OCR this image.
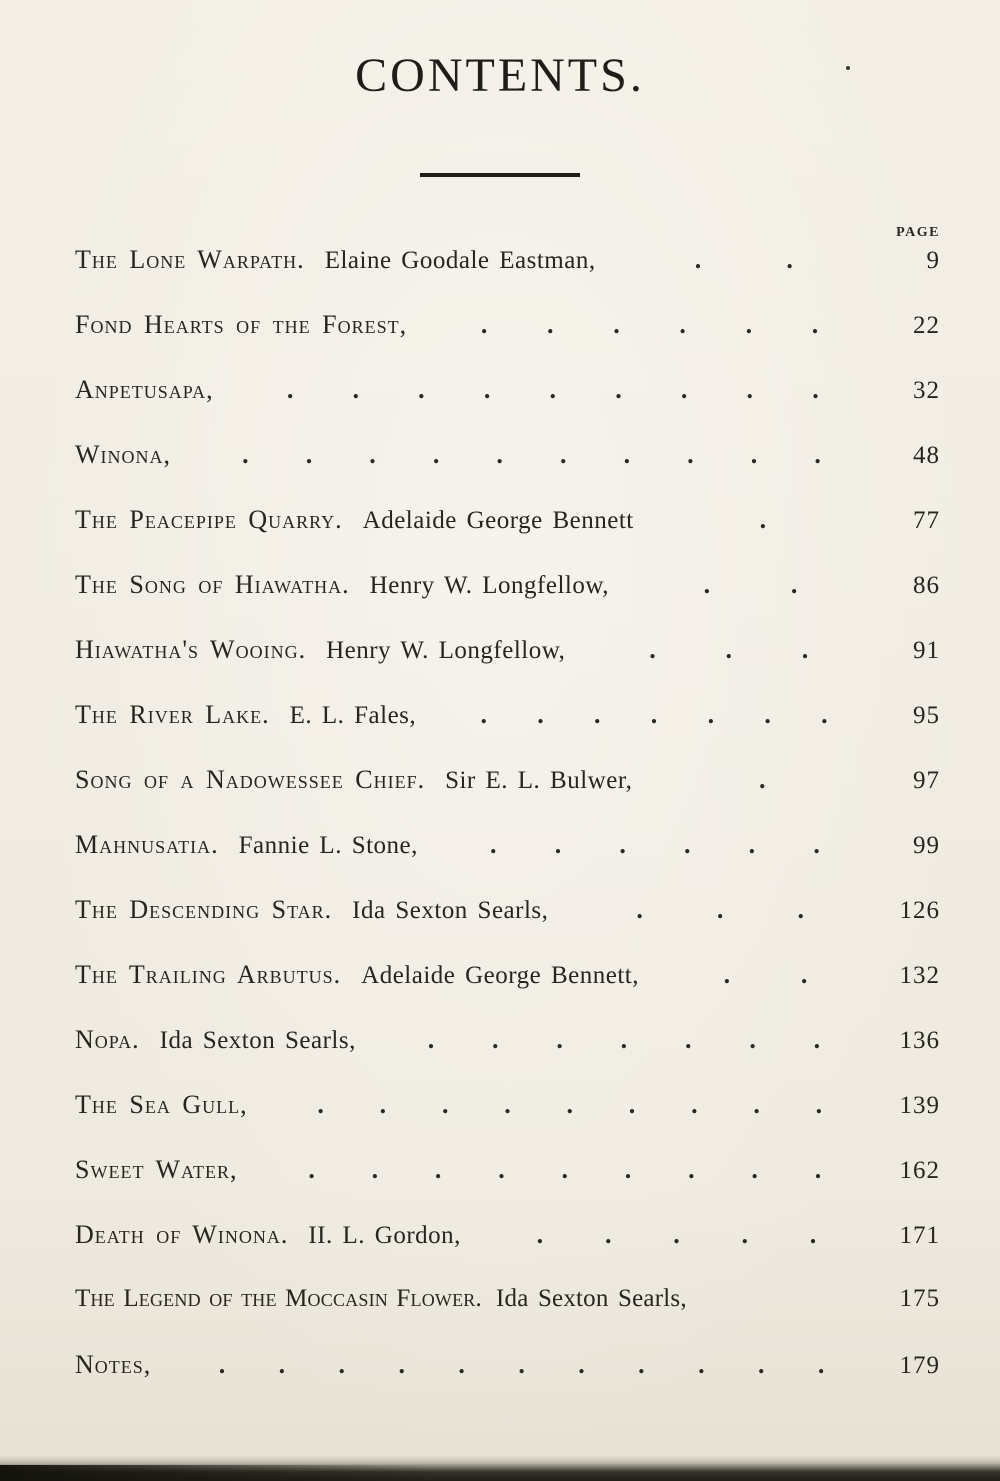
CONTENTS.
PAGE
The Lone Warpath. Elaine Goodale Eastman,	.	.	9
Fond Hearts of the Forest,	. . . . . .	22
Anpetusapa,	. . . . . . . . .	32
Winona,	. . . . . . . . . .	48
The Peacepipe Quarry. Adelaide George Bennett	.	77
The Song of Hiawatha. Henry W. Longfellow,	.	.	86
Hiawatha's Wooing. Henry W. Longfellow,	.	.	.	91
The River Lake. E. L. Fales, . . . . . . .	95
Song of a Nadowessee Chief. Sir E. L. Bulwer,	.	97
Mahnusatia. Fannie L. Stone,	. . . . . .	99
The Descending Star. Ida Sexton Searls,	.	.	.	126
The Trailing Arbutus. Adelaide George Bennett,	.	.	132
Nopa. Ida Sexton Searls,	. . . . . . .	136
The Sea Gull,	. . . . . . . . .	139
Sweet Water,	. . . . . . . . .	162
Death of Winona. II. L. Gordon,	. . . . .	171
The Legend of the Moccasin Flower. Ida Sexton Searls,	175
Notes,	. . . . . . . . . . .	179
